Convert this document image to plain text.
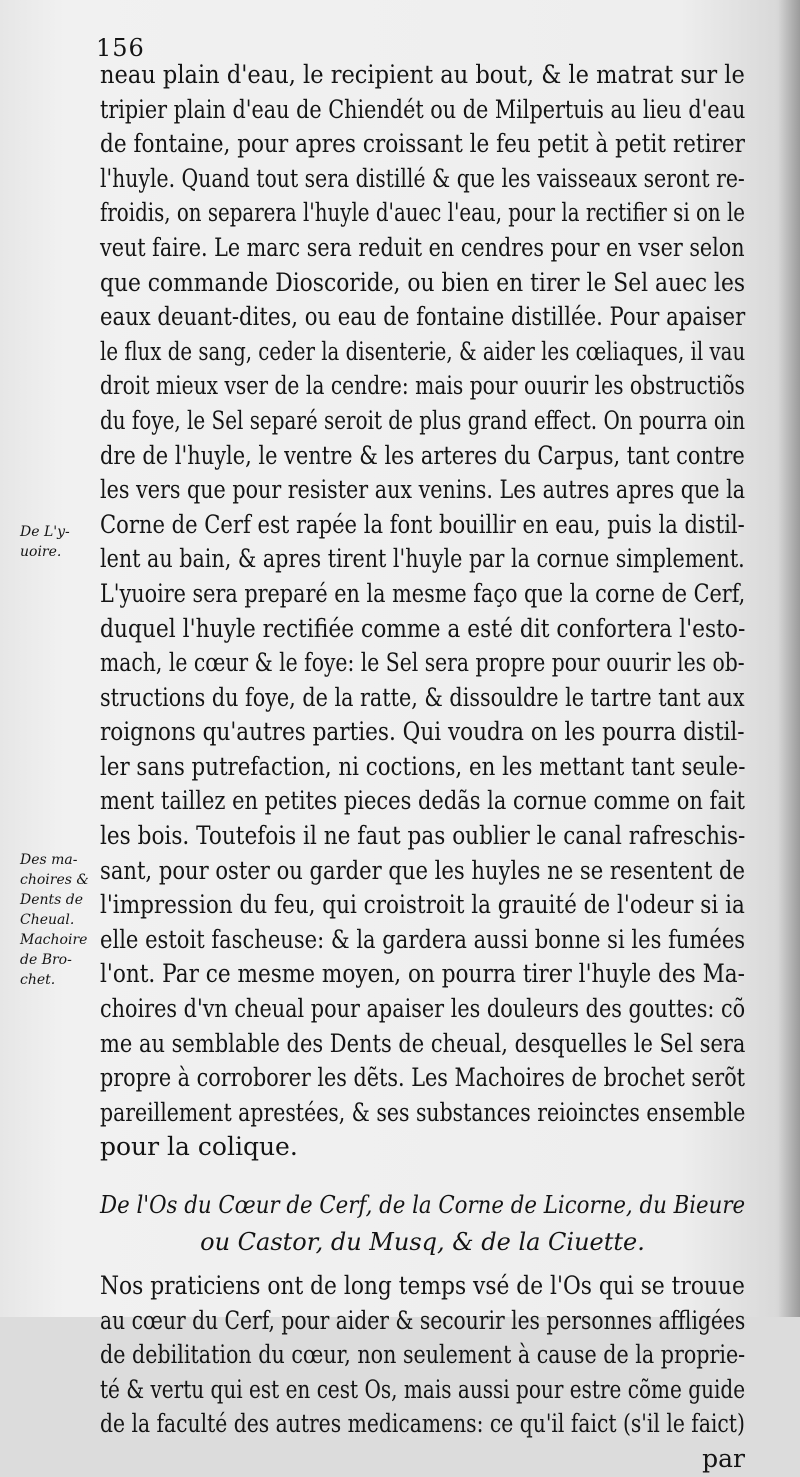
156
De L'y-uoire.
Des ma-choires & Dents de Cheual. Machoire de Bro-chet.

neau plain d'eau, le recipient au bout, & le matrat sur le

tripier plain d'eau de Chiendét ou de Milpertuis au lieu d'eau

de fontaine, pour apres croissant le feu petit à petit retirer

l'huyle. Quand tout sera distillé & que les vaisseaux seront re-

froidis, on separera l'huyle d'auec l'eau, pour la rectifier si on le

veut faire. Le marc sera reduit en cendres pour en vser selon

que commande Dioscoride, ou bien en tirer le Sel auec les

eaux deuant-dites, ou eau de fontaine distillée. Pour apaiser

le flux de sang, ceder la disenterie, & aider les cœliaques, il vau

droit mieux vser de la cendre: mais pour ouurir les obstructiõs

du foye, le Sel separé seroit de plus grand effect. On pourra oin

dre de l'huyle, le ventre & les arteres du Carpus, tant contre

les vers que pour resister aux venins. Les autres apres que la

Corne de Cerf est rapée la font bouillir en eau, puis la distil-

lent au bain, & apres tirent l'huyle par la cornue simplement.

L'yuoire sera preparé en la mesme faço que la corne de Cerf,

duquel l'huyle rectifiée comme a esté dit confortera l'esto-

mach, le cœur & le foye: le Sel sera propre pour ouurir les ob-

structions du foye, de la ratte, & dissouldre le tartre tant aux

roignons qu'autres parties. Qui voudra on les pourra distil-

ler sans putrefaction, ni coctions, en les mettant tant seule-

ment taillez en petites pieces dedãs la cornue comme on fait

les bois. Toutefois il ne faut pas oublier le canal rafreschis-

sant, pour oster ou garder que les huyles ne se resentent de

l'impression du feu, qui croistroit la grauité de l'odeur si ia

elle estoit fascheuse: & la gardera aussi bonne si les fumées

l'ont. Par ce mesme moyen, on pourra tirer l'huyle des Ma-

choires d'vn cheual pour apaiser les douleurs des gouttes: cõ

me au semblable des Dents de cheual, desquelles le Sel sera

propre à corroborer les dẽts. Les Machoires de brochet serõt

pareillement aprestées, & ses substances reioinctes ensemble

pour la colique.

De l'Os du Cœur de Cerf, de la Corne de Licorne, du Bieure

ou Castor, du Musq, & de la Ciuette.

Nos praticiens ont de long temps vsé de l'Os qui se trouue

au cœur du Cerf, pour aider & secourir les personnes affligées

de debilitation du cœur, non seulement à cause de la proprie-

té & vertu qui est en cest Os, mais aussi pour estre cõme guide

de la faculté des autres medicamens: ce qu'il faict (s'il le faict)

par
